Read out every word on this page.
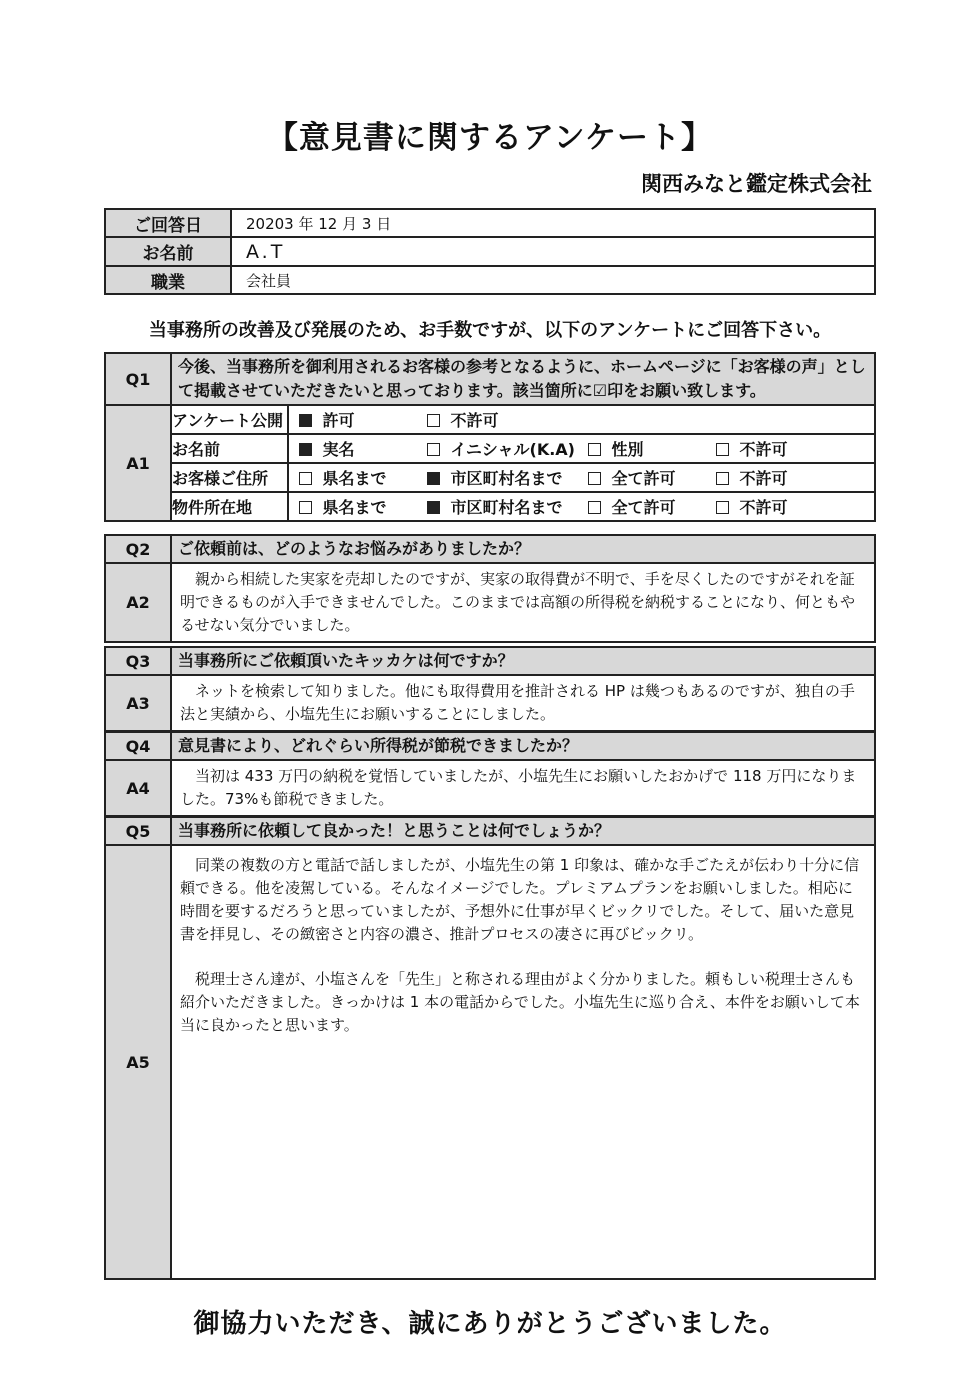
【意見書に関するアンケート】
関西みなと鑑定株式会社
ご回答日	20203 年 12 月 3 日
お名前	A.T
職業	会社員
当事務所の改善及び発展のため、お手数ですが、以下のアンケートにご回答下さい。
Q1	今後、当事務所を御利用されるお客様の参考となるように、ホームページに「お客様の声」として掲載させていただきたいと思っております。該当箇所に☑印をお願い致します。	
A1	アンケート公開	許可 不許可
	お名前	実名 イニシャル(K.A) 性別 不許可
	お客様ご住所	県名まで 市区町村名まで 全て許可 不許可
	物件所在地	県名まで 市区町村名まで 全て許可 不許可
Q2	ご依頼前は、どのようなお悩みがありましたか？
A2	親から相続した実家を売却したのですが、実家の取得費が不明で、手を尽くしたのですがそれを証明できるものが入手できませんでした。このままでは高額の所得税を納税することになり、何ともやるせない気分でいました。

Q3	当事務所にご依頼頂いたキッカケは何ですか？
A3	ネットを検索して知りました。他にも取得費用を推計される HP は幾つもあるのですが、独自の手法と実績から、小塩先生にお願いすることにしました。

Q4	意見書により、どれぐらい所得税が節税できましたか？
A4	当初は 433 万円の納税を覚悟していましたが、小塩先生にお願いしたおかげで 118 万円になりました。73%も節税できました。

Q5	当事務所に依頼して良かった！と思うことは何でしょうか？
A5	同業の複数の方と電話で話しましたが、小塩先生の第 1 印象は、確かな手ごたえが伝わり十分に信頼できる。他を凌駕している。そんなイメージでした。プレミアムプランをお願いしました。相応に時間を要するだろうと思っていましたが、予想外に仕事が早くビックリでした。そして、届いた意見書を拝見し、その緻密さと内容の濃さ、推計プロセスの凄さに再びビックリ。

税理士さん達が、小塩さんを「先生」と称される理由がよく分かりました。頼もしい税理士さんも紹介いただきました。きっかけは 1 本の電話からでした。小塩先生に巡り合え、本件をお願いして本当に良かったと思います。

御協力いただき、誠にありがとうございました。
